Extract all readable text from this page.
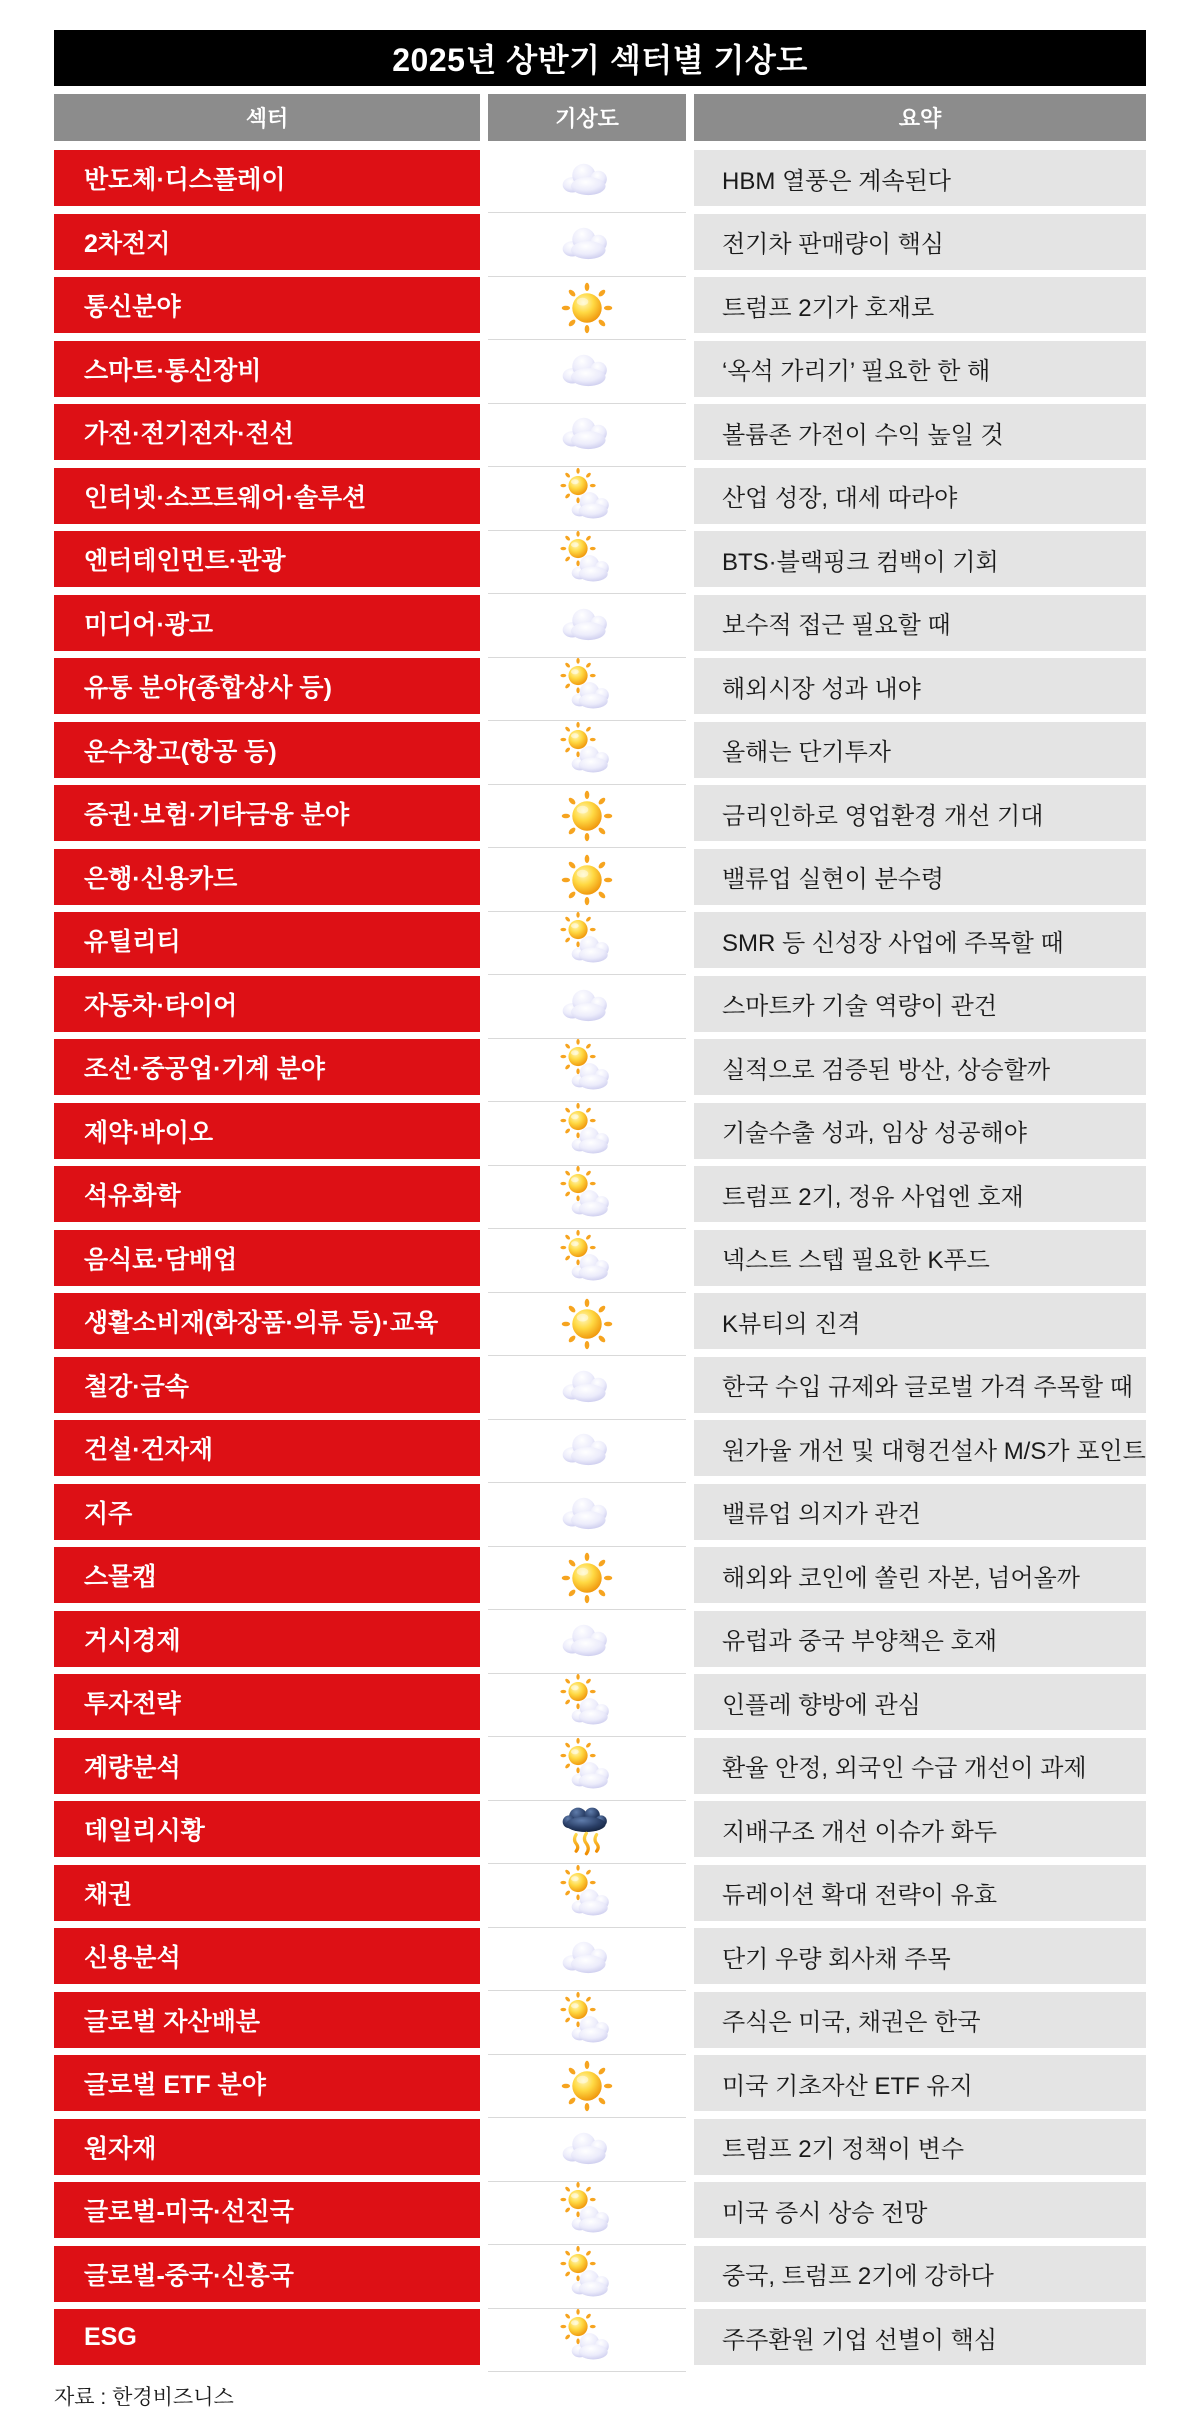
2025년 상반기 섹터별 기상도
섹터	기상도	요약
반도체·디스플레이	HBM 열풍은 계속된다
2차전지	전기차 판매량이 핵심
통신분야	트럼프 2기가 호재로
스마트·통신장비	‘옥석 가리기’ 필요한 한 해
가전·전기전자·전선	볼륨존 가전이 수익 높일 것
인터넷·소프트웨어·솔루션	산업 성장, 대세 따라야
엔터테인먼트·관광	BTS·블랙핑크 컴백이 기회
미디어·광고	보수적 접근 필요할 때
유통 분야(종합상사 등)	해외시장 성과 내야
운수창고(항공 등)	올해는 단기투자
증권·보험·기타금융 분야	금리인하로 영업환경 개선 기대
은행·신용카드	밸류업 실현이 분수령
유틸리티	SMR 등 신성장 사업에 주목할 때
자동차·타이어	스마트카 기술 역량이 관건
조선·중공업·기계 분야	실적으로 검증된 방산, 상승할까
제약·바이오	기술수출 성과, 임상 성공해야
석유화학	트럼프 2기, 정유 사업엔 호재
음식료·담배업	넥스트 스텝 필요한 K푸드
생활소비재(화장품·의류 등)·교육	K뷰티의 진격
철강·금속	한국 수입 규제와 글로벌 가격 주목할 때
건설·건자재	원가율 개선 및 대형건설사 M/S가 포인트
지주	밸류업 의지가 관건
스몰캡	해외와 코인에 쏠린 자본, 넘어올까
거시경제	유럽과 중국 부양책은 호재
투자전략	인플레 향방에 관심
계량분석	환율 안정, 외국인 수급 개선이 과제
데일리시황	지배구조 개선 이슈가 화두
채권	듀레이션 확대 전략이 유효
신용분석	단기 우량 회사채 주목
글로벌 자산배분	주식은 미국, 채권은 한국
글로벌 ETF 분야	미국 기초자산 ETF 유지
원자재	트럼프 2기 정책이 변수
글로벌-미국·선진국	미국 증시 상승 전망
글로벌-중국·신흥국	중국, 트럼프 2기에 강하다
ESG	주주환원 기업 선별이 핵심
자료 : 한경비즈니스
